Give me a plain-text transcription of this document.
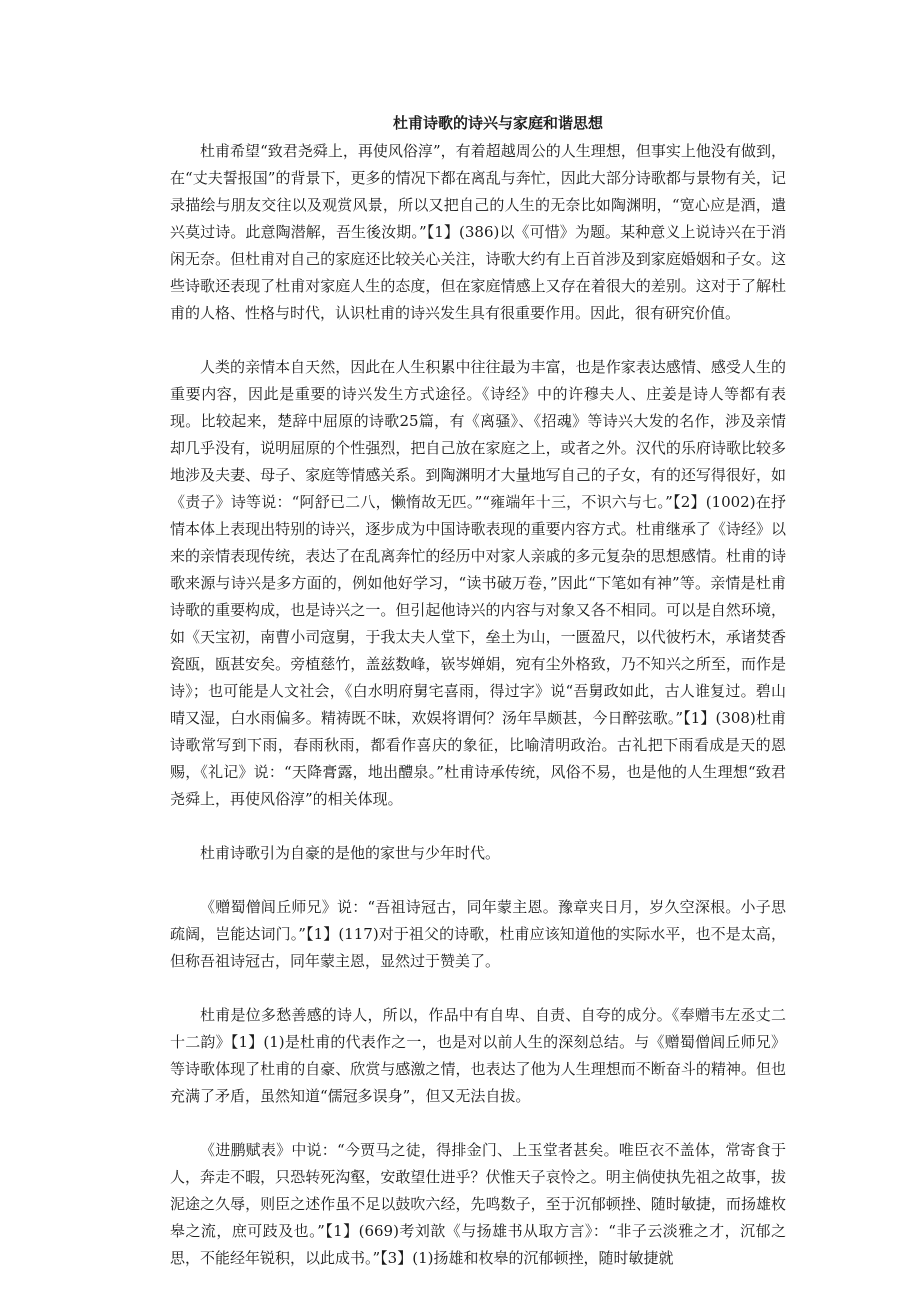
杜甫诗歌的诗兴与家庭和谐思想

杜甫希望“致君尧舜上，再使风俗淳”，有着超越周公的人生理想，但事实上他没有做到，在“丈夫誓报国”的背景下，更多的情况下都在离乱与奔忙，因此大部分诗歌都与景物有关，记录描绘与朋友交往以及观赏风景，所以又把自己的人生的无奈比如陶渊明，“宽心应是酒，遣兴莫过诗。此意陶潜解，吾生後汝期。”【1】(386)以《可惜》为题。某种意义上说诗兴在于消闲无奈。但杜甫对自己的家庭还比较关心关注，诗歌大约有上百首涉及到家庭婚姻和子女。这些诗歌还表现了杜甫对家庭人生的态度，但在家庭情感上又存在着很大的差别。这对于了解杜甫的人格、性格与时代，认识杜甫的诗兴发生具有很重要作用。因此，很有研究价值。

人类的亲情本自天然，因此在人生积累中往往最为丰富，也是作家表达感情、感受人生的重要内容，因此是重要的诗兴发生方式途径。《诗经》中的许穆夫人、庄姜是诗人等都有表现。比较起来，楚辞中屈原的诗歌25篇，有《离骚》、《招魂》等诗兴大发的名作，涉及亲情却几乎没有，说明屈原的个性强烈，把自己放在家庭之上，或者之外。汉代的乐府诗歌比较多地涉及夫妻、母子、家庭等情感关系。到陶渊明才大量地写自己的子女，有的还写得很好，如《责子》诗等说：“阿舒已二八，懒惰故无匹。”“雍端年十三，不识六与七。”【2】(1002)在抒情本体上表现出特别的诗兴，逐步成为中国诗歌表现的重要内容方式。杜甫继承了《诗经》以来的亲情表现传统，表达了在乱离奔忙的经历中对家人亲戚的多元复杂的思想感情。杜甫的诗歌来源与诗兴是多方面的，例如他好学习，“读书破万卷，”因此“下笔如有神”等。亲情是杜甫诗歌的重要构成，也是诗兴之一。但引起他诗兴的内容与对象又各不相同。可以是自然环境，如《天宝初，南曹小司寇舅，于我太夫人堂下，垒土为山，一匮盈尺，以代彼朽木，承诸焚香瓷瓯，瓯甚安矣。旁植慈竹，盖兹数峰，嵚岑婵娟，宛有尘外格致，乃不知兴之所至，而作是诗》；也可能是人文社会，《白水明府舅宅喜雨，得过字》说“吾舅政如此，古人谁复过。碧山晴又湿，白水雨偏多。精祷既不昧，欢娱将谓何？汤年旱颇甚，今日醉弦歌。”【1】(308)杜甫诗歌常写到下雨，春雨秋雨，都看作喜庆的象征，比喻清明政治。古礼把下雨看成是天的恩赐，《礼记》说：“天降膏露，地出醴泉。”杜甫诗承传统，风俗不易，也是他的人生理想“致君尧舜上，再使风俗淳”的相关体现。

杜甫诗歌引为自豪的是他的家世与少年时代。

《赠蜀僧闾丘师兄》说：“吾祖诗冠古，同年蒙主恩。豫章夹日月，岁久空深根。小子思疏阔，岂能达词门。”【1】(117)对于祖父的诗歌，杜甫应该知道他的实际水平，也不是太高，但称吾祖诗冠古，同年蒙主恩，显然过于赞美了。

杜甫是位多愁善感的诗人，所以，作品中有自卑、自责、自夸的成分。《奉赠韦左丞丈二十二韵》【1】(1)是杜甫的代表作之一，也是对以前人生的深刻总结。与《赠蜀僧闾丘师兄》等诗歌体现了杜甫的自豪、欣赏与感激之情，也表达了他为人生理想而不断奋斗的精神。但也充满了矛盾，虽然知道“儒冠多误身”，但又无法自拔。

《进鹏赋表》中说：“今贾马之徒，得排金门、上玉堂者甚矣。唯臣衣不盖体，常寄食于人，奔走不暇，只恐转死沟壑，安敢望仕进乎？伏惟天子哀怜之。明主倘使执先祖之故事，拔泥途之久辱，则臣之述作虽不足以鼓吹六经，先鸣数子，至于沉郁顿挫、随时敏捷，而扬雄枚皋之流，庶可跂及也。”【1】(669)考刘歆《与扬雄书从取方言》：“非子云淡雅之才，沉郁之思，不能经年锐积，以此成书。”【3】(1)扬雄和枚皋的沉郁顿挫，随时敏捷就
